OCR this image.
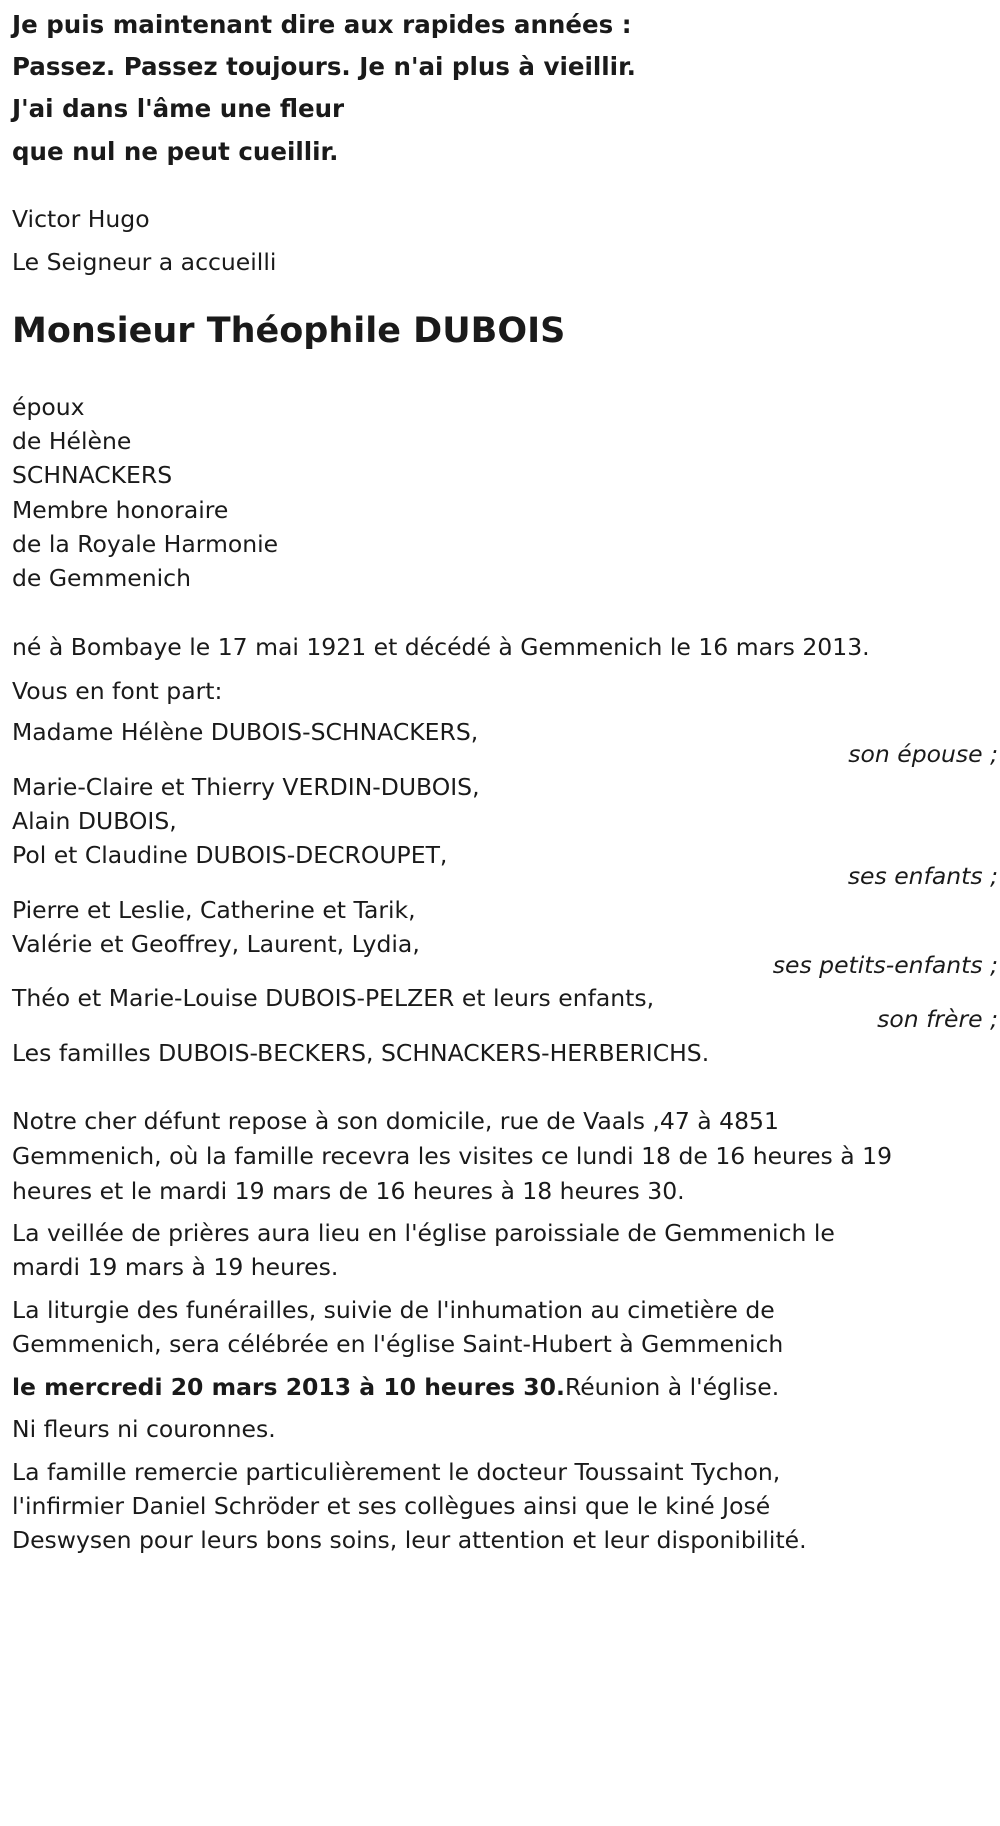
Je puis maintenant dire aux rapides années :
Passez. Passez toujours. Je n'ai plus à vieillir.
J'ai dans l'âme une fleur
que nul ne peut cueillir.
Victor Hugo
Le Seigneur a accueilli
Monsieur Théophile DUBOIS
époux
de Hélène
SCHNACKERS
Membre honoraire
de la Royale Harmonie
de Gemmenich
né à Bombaye le 17 mai 1921 et décédé à Gemmenich le 16 mars 2013.
Vous en font part:
Madame Hélène DUBOIS-SCHNACKERS,
son épouse ;
Marie-Claire et Thierry VERDIN-DUBOIS,
Alain DUBOIS,
Pol et Claudine DUBOIS-DECROUPET,
ses enfants ;
Pierre et Leslie, Catherine et Tarik,
Valérie et Geoffrey, Laurent, Lydia,
ses petits-enfants ;
Théo et Marie-Louise DUBOIS-PELZER et leurs enfants,
son frère ;
Les familles DUBOIS-BECKERS, SCHNACKERS-HERBERICHS.
Notre cher défunt repose à son domicile, rue de Vaals ,47 à 4851
Gemmenich, où la famille recevra les visites ce lundi 18 de 16 heures à 19
heures et le mardi 19 mars de 16 heures à 18 heures 30.
La veillée de prières aura lieu en l'église paroissiale de Gemmenich le
mardi 19 mars à 19 heures.
La liturgie des funérailles, suivie de l'inhumation au cimetière de
Gemmenich, sera célébrée en l'église Saint-Hubert à Gemmenich
le mercredi 20 mars 2013 à 10 heures 30.Réunion à l'église.
Ni fleurs ni couronnes.
La famille remercie particulièrement le docteur Toussaint Tychon,
l'infirmier Daniel Schröder et ses collègues ainsi que le kiné José
Deswysen pour leurs bons soins, leur attention et leur disponibilité.
